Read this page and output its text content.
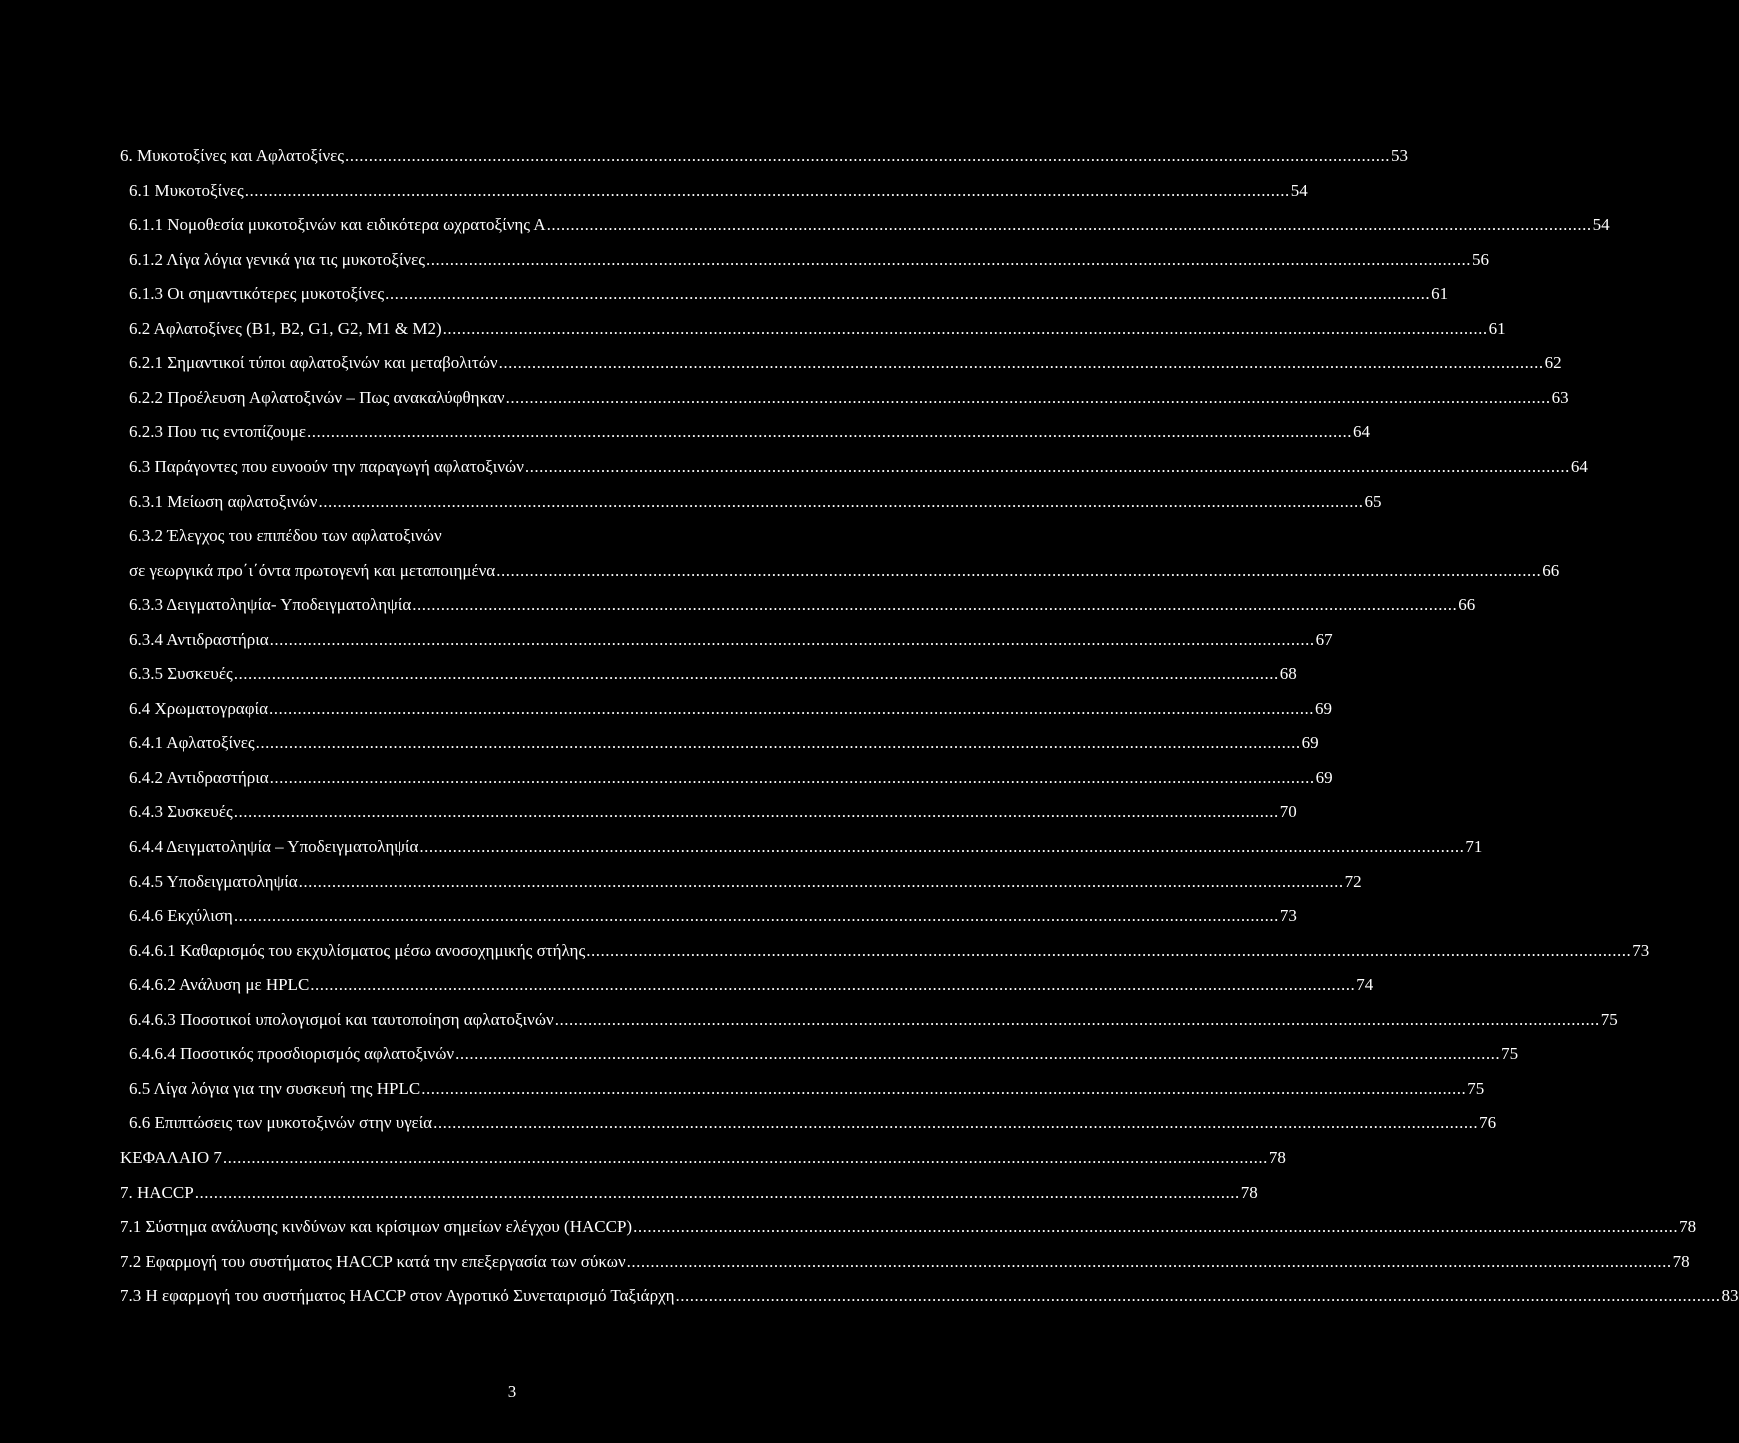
6. Μυκοτοξίνες και Αφλατοξίνες ............................................................................................................................................................................................................................ 53
6.1 Μυκοτοξίνες ............................................................................................................................................................................................................................ 54
6.1.1 Νομοθεσία μυκοτοξινών και ειδικότερα ωχρατοξίνης Α ............................................................................................................................................................................................................................ 54
6.1.2 Λίγα λόγια γενικά για τις μυκοτοξίνες ............................................................................................................................................................................................................................ 56
6.1.3 Οι σημαντικότερες μυκοτοξίνες ............................................................................................................................................................................................................................ 61
6.2 Αφλατοξίνες (B1, B2, G1, G2, M1 & M2) ............................................................................................................................................................................................................................ 61
6.2.1 Σημαντικοί τύποι αφλατοξινών και μεταβολιτών ............................................................................................................................................................................................................................ 62
6.2.2 Προέλευση Αφλατοξινών – Πως ανακαλύφθηκαν ............................................................................................................................................................................................................................ 63
6.2.3 Που τις εντοπίζουμε ............................................................................................................................................................................................................................ 64
6.3 Παράγοντες που ευνοούν την παραγωγή αφλατοξινών ............................................................................................................................................................................................................................ 64
6.3.1 Μείωση αφλατοξινών ............................................................................................................................................................................................................................ 65
6.3.2 Έλεγχος του επιπέδου των αφλατοξινών
σε γεωργικά προ΄ι΄όντα πρωτογενή και μεταποιημένα ............................................................................................................................................................................................................................ 66
6.3.3 Δειγματοληψία- Υποδειγματοληψία ............................................................................................................................................................................................................................ 66
6.3.4 Αντιδραστήρια ............................................................................................................................................................................................................................ 67
6.3.5 Συσκευές ............................................................................................................................................................................................................................ 68
6.4 Χρωματογραφία ............................................................................................................................................................................................................................ 69
6.4.1 Αφλατοξίνες ............................................................................................................................................................................................................................ 69
6.4.2 Αντιδραστήρια ............................................................................................................................................................................................................................ 69
6.4.3 Συσκευές ............................................................................................................................................................................................................................ 70
6.4.4 Δειγματοληψία – Υποδειγματοληψία ............................................................................................................................................................................................................................ 71
6.4.5 Υποδειγματοληψία ............................................................................................................................................................................................................................ 72
6.4.6 Εκχύλιση ............................................................................................................................................................................................................................ 73
6.4.6.1 Καθαρισμός του εκχυλίσματος μέσω ανοσοχημικής στήλης ............................................................................................................................................................................................................................ 73
6.4.6.2 Ανάλυση με HPLC ............................................................................................................................................................................................................................ 74
6.4.6.3 Ποσοτικοί υπολογισμοί και ταυτοποίηση αφλατοξινών ............................................................................................................................................................................................................................ 75
6.4.6.4 Ποσοτικός προσδιορισμός αφλατοξινών ............................................................................................................................................................................................................................ 75
6.5 Λίγα λόγια για την συσκευή της HPLC ............................................................................................................................................................................................................................ 75
6.6 Επιπτώσεις των μυκοτοξινών στην υγεία ............................................................................................................................................................................................................................ 76
ΚΕΦΑΛΑΙΟ 7 ............................................................................................................................................................................................................................ 78
7. HACCP ............................................................................................................................................................................................................................ 78
7.1 Σύστημα ανάλυσης κινδύνων και κρίσιμων σημείων ελέγχου (HACCP) ............................................................................................................................................................................................................................ 78
7.2 Εφαρμογή του συστήματος HACCP κατά την επεξεργασία των σύκων ............................................................................................................................................................................................................................ 78
7.3 Η εφαρμογή του συστήματος HACCP στον Αγροτικό Συνεταιρισμό Ταξιάρχη ............................................................................................................................................................................................................................ 83
3
